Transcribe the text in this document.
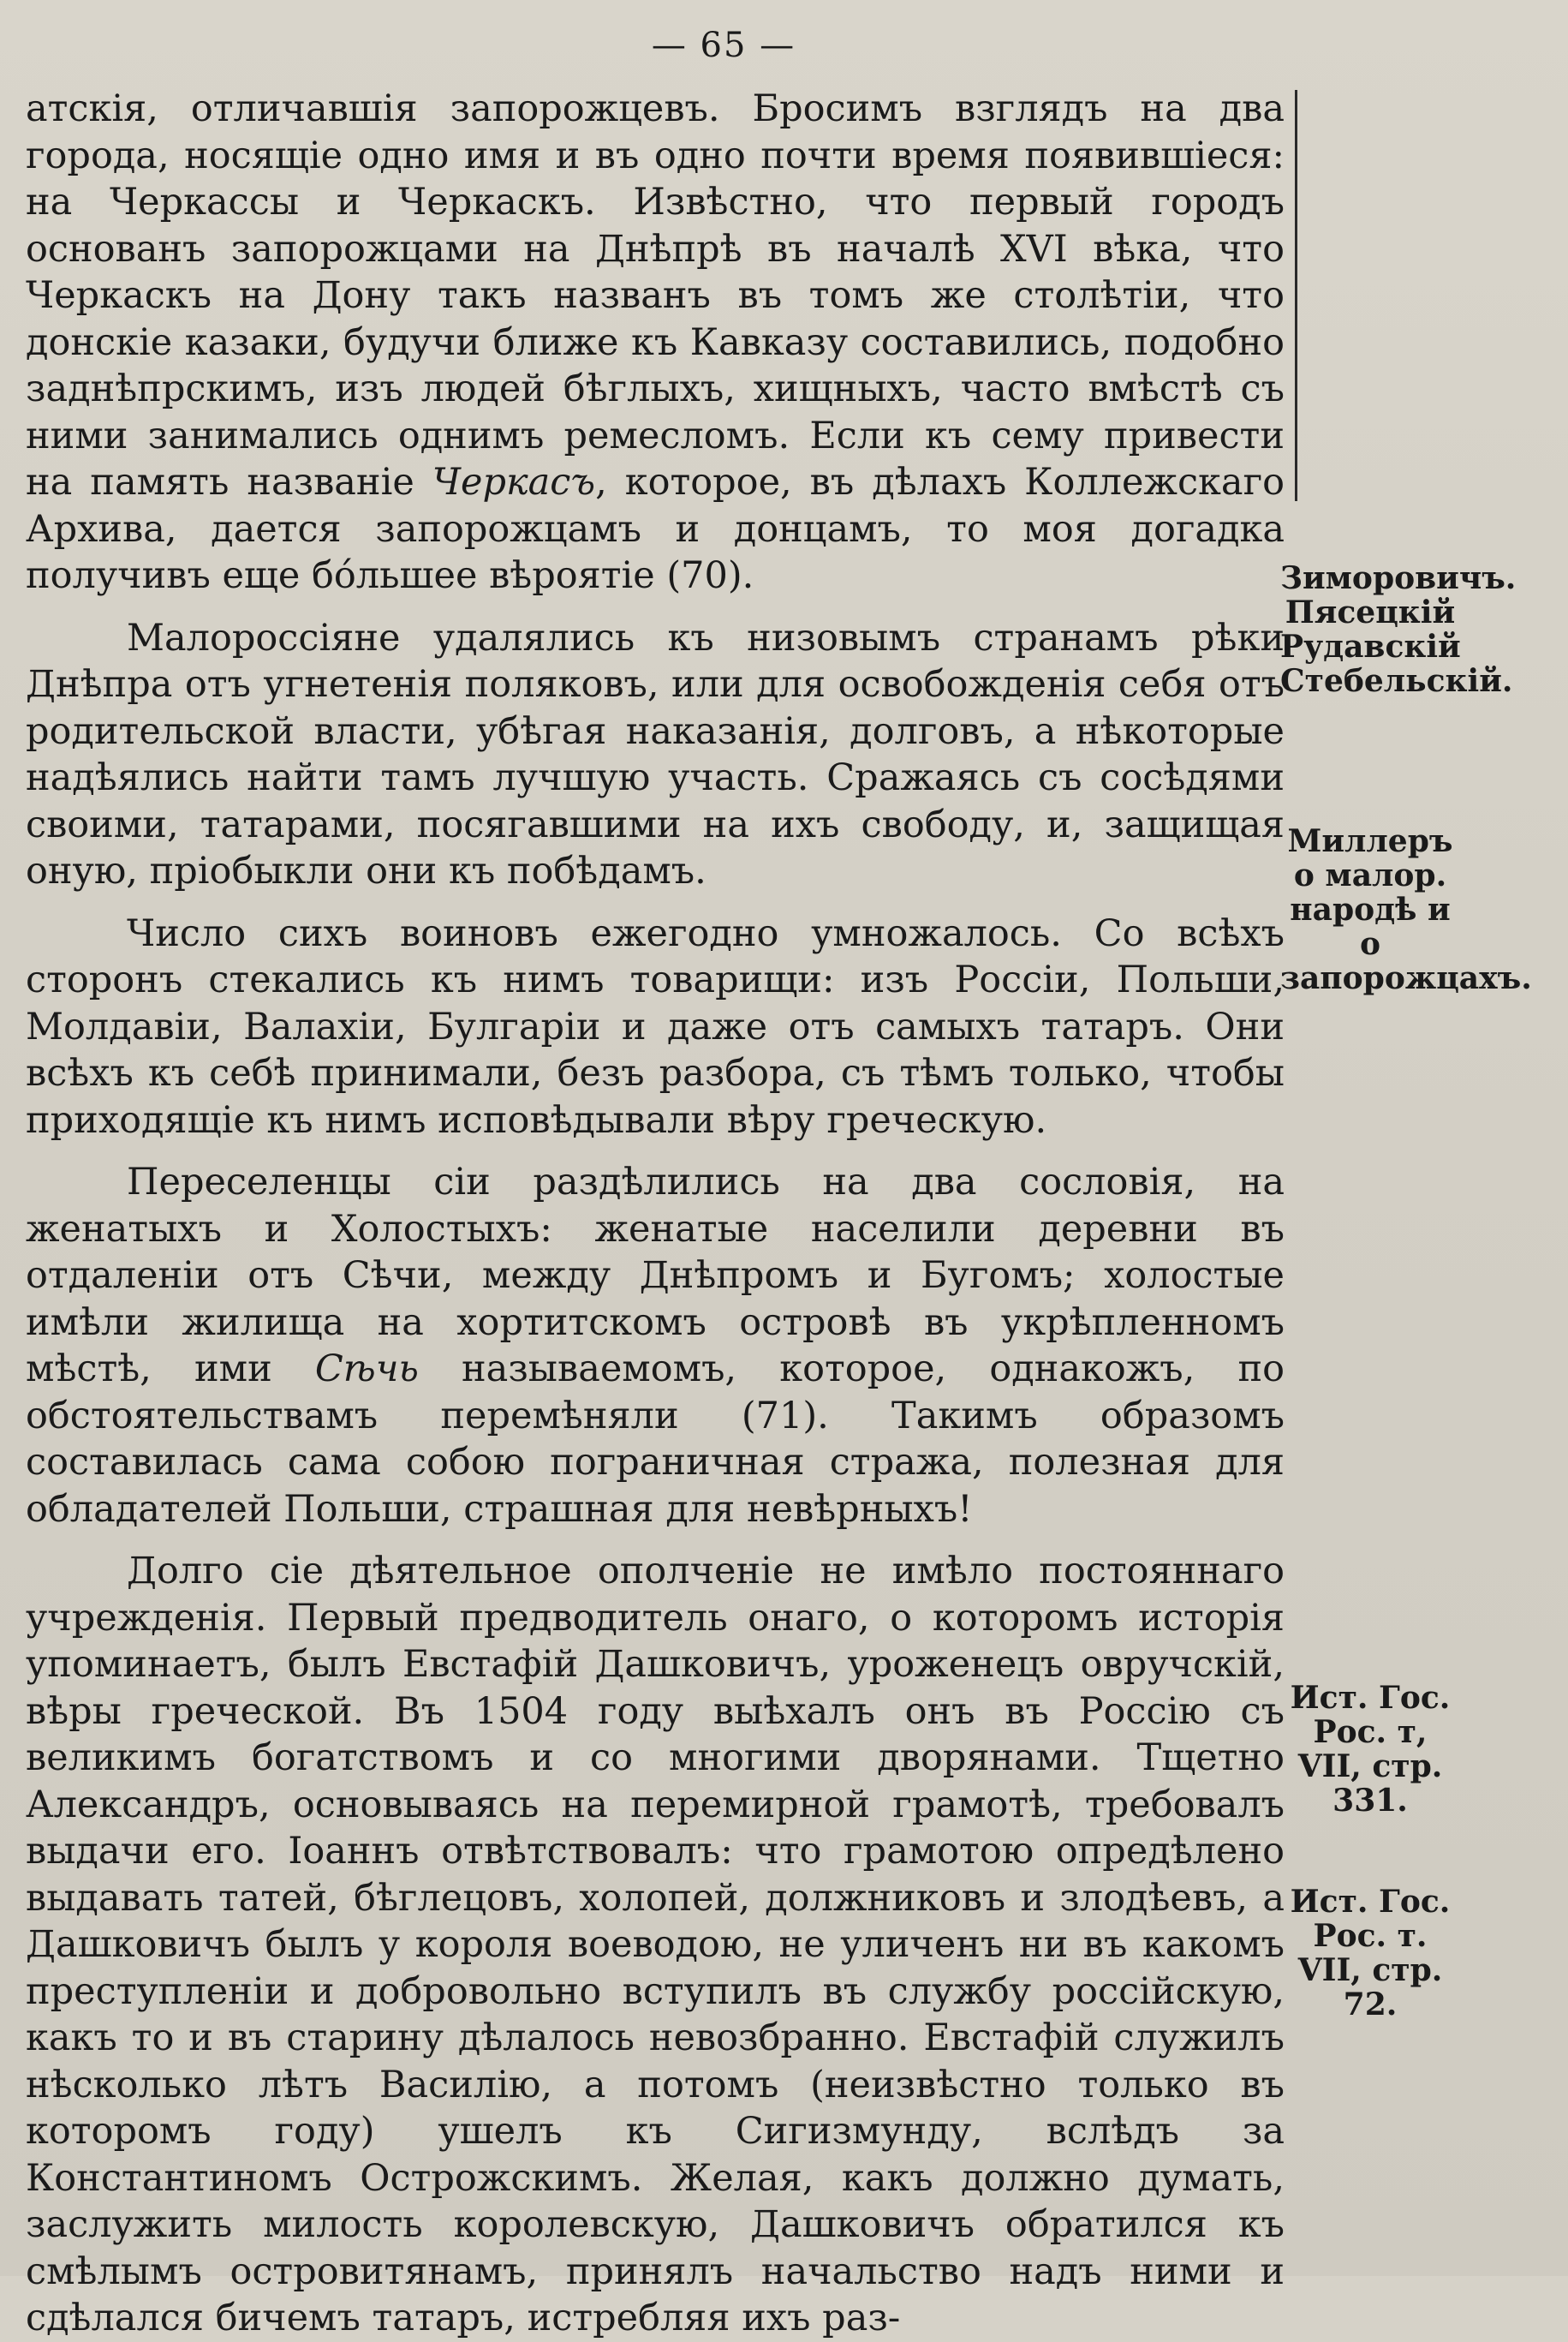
— 65 —

атскія, отличавшія запорожцевъ. Бросимъ взглядъ на два города, носящіе одно имя и въ одно почти время появившіеся: на Черкассы и Черкаскъ. Извѣстно, что первый городъ основанъ запорожцами на Днѣпрѣ въ началѣ XVI вѣка, что Черкаскъ на Дону такъ названъ въ томъ же столѣтіи, что донскіе казаки, будучи ближе къ Кавказу составились, подобно заднѣпрскимъ, изъ людей бѣглыхъ, хищныхъ, часто вмѣстѣ съ ними занимались однимъ ремесломъ. Если къ сему привести на память названіе Черкасъ, которое, въ дѣлахъ Коллежскаго Архива, дается запорожцамъ и донцамъ, то моя догадка получивъ еще бо́льшее вѣроятіе (70).

Малороссіяне удалялись къ низовымъ странамъ рѣки Днѣпра отъ угнетенія поляковъ, или для освобожденія себя отъ родительской власти, убѣгая наказанія, долговъ, а нѣкоторые надѣялись найти тамъ лучшую участь. Сражаясь съ сосѣдями своими, татарами, посягавшими на ихъ свободу, и, защищая оную, пріобыкли они къ побѣдамъ.

Число сихъ воиновъ ежегодно умножалось. Со всѣхъ сторонъ стекались къ нимъ товарищи: изъ Россіи, Польши, Молдавіи, Валахіи, Булгаріи и даже отъ самыхъ татаръ. Они всѣхъ къ себѣ принимали, безъ разбора, съ тѣмъ только, чтобы приходящіе къ нимъ исповѣдывали вѣру греческую.

Переселенцы сіи раздѣлились на два сословія, на женатыхъ и Холостыхъ: женатые населили деревни въ отдаленіи отъ Сѣчи, между Днѣпромъ и Бугомъ; холостые имѣли жилища на хортитскомъ островѣ въ укрѣпленномъ мѣстѣ, ими Сѣчь называемомъ, которое, однакожъ, по обстоятельствамъ перемѣняли (71). Такимъ образомъ составилась сама собою пограничная стража, полезная для обладателей Польши, страшная для невѣрныхъ!

Долго сіе дѣятельное ополченіе не имѣло постояннаго учрежденія. Первый предводитель онаго, о которомъ исторія упоминаетъ, былъ Евстафій Дашковичъ, уроженецъ овручскій, вѣры греческой. Въ 1504 году выѣхалъ онъ въ Россію съ великимъ богатствомъ и со многими дворянами. Тщетно Александръ, основываясь на перемирной грамотѣ, требовалъ выдачи его. Іоаннъ отвѣтствовалъ: что грамотою опредѣлено выдавать татей, бѣглецовъ, холопей, должниковъ и злодѣевъ, а Дашковичъ былъ у короля воеводою, не уличенъ ни въ какомъ преступленіи и добровольно вступилъ въ службу россійскую, какъ то и въ старину дѣлалось невозбранно. Евстафій служилъ нѣсколько лѣтъ Василію, а потомъ (неизвѣстно только въ которомъ году) ушелъ къ Сигизмунду, вслѣдъ за Константиномъ Острожскимъ. Желая, какъ должно думать, заслужить милость королевскую, Дашковичъ обратился къ смѣлымъ островитянамъ, принялъ начальство надъ ними и сдѣлался бичемъ татаръ, истребляя ихъ раз-

Зиморовичъ. Пясецкій Рудавскій Стебельскій.
Миллеръ о малор. народѣ и о запорожцахъ.
Ист. Гос. Рос. т, VII, стр. 331.
Ист. Гос. Рос. т. VII, стр. 72.
